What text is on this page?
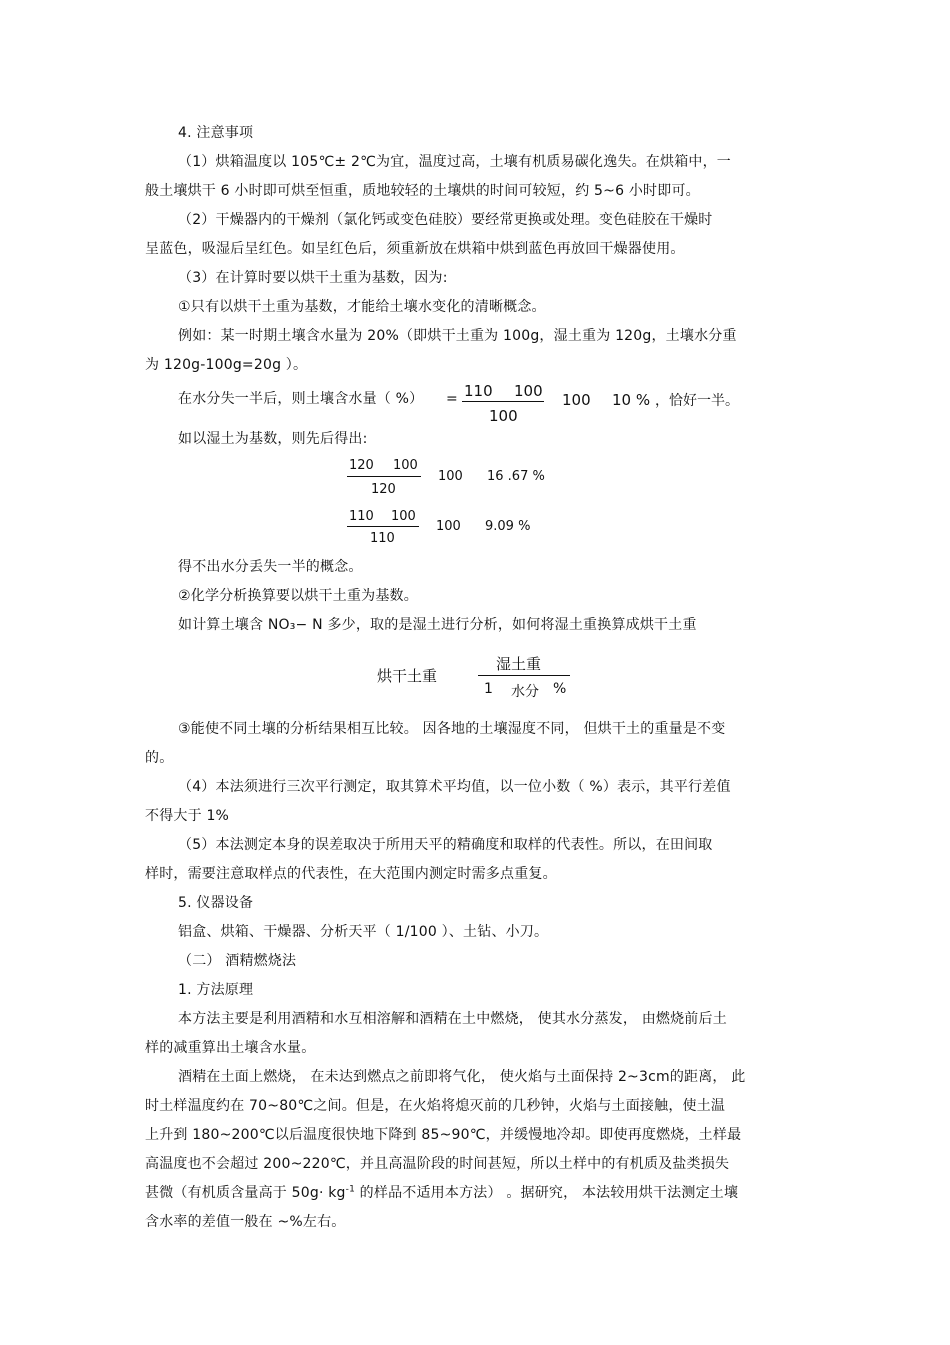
4. 注意事项
（1）烘箱温度以 105℃± 2℃为宜，温度过高，土壤有机质易碳化逸失。在烘箱中，一
般土壤烘干 6 小时即可烘至恒重，质地较轻的土壤烘的时间可较短，约 5~6 小时即可。
（2）干燥器内的干燥剂（氯化钙或变色硅胶）要经常更换或处理。变色硅胶在干燥时
呈蓝色，吸湿后呈红色。如呈红色后，须重新放在烘箱中烘到蓝色再放回干燥器使用。
（3）在计算时要以烘干土重为基数，因为:
①只有以烘干土重为基数，才能给土壤水变化的清晰概念。
例如：某一时期土壤含水量为 20%（即烘干土重为 100g，湿土重为 120g，土壤水分重
为 120g-100g=20g ）。
在水分失一半后，则土壤含水量（ %） = 110 100
100
100 10 % ，恰好一半。
如以湿土为基数，则先后得出:
120 100
120
100 16 .67 %
110 100
110
100 9.09 %
得不出水分丢失一半的概念。
②化学分析换算要以烘干土重为基数。
如计算土壤含 NO₃− N 多少，取的是湿土进行分析，如何将湿土重换算成烘干土重
烘干土重
湿土重
1 水分 %
③能使不同土壤的分析结果相互比较。 因各地的土壤湿度不同， 但烘干土的重量是不变
的。
（4）本法须进行三次平行测定，取其算术平均值，以一位小数（ %）表示，其平行差值
不得大于 1%
（5）本法测定本身的误差取决于所用天平的精确度和取样的代表性。所以，在田间取
样时，需要注意取样点的代表性，在大范围内测定时需多点重复。
5. 仪器设备
铝盒、烘箱、干燥器、分析天平（ 1/100 ）、土钻、小刀。
（二） 酒精燃烧法
1. 方法原理
本方法主要是利用酒精和水互相溶解和酒精在土中燃烧， 使其水分蒸发， 由燃烧前后土
样的减重算出土壤含水量。
酒精在土面上燃烧， 在未达到燃点之前即将气化， 使火焰与土面保持 2~3cm的距离， 此
时土样温度约在 70~80℃之间。但是，在火焰将熄灭前的几秒钟，火焰与土面接触，使土温
上升到 180~200℃以后温度很快地下降到 85~90℃，并缓慢地冷却。即使再度燃烧，土样最
高温度也不会超过 200~220℃，并且高温阶段的时间甚短，所以土样中的有机质及盐类损失
甚微（有机质含量高于 $50g\cdot kg^{-1}$ 的样品不适用本方法） 。据研究， 本法较用烘干法测定土壤
含水率的差值一般在 ~%左右。
